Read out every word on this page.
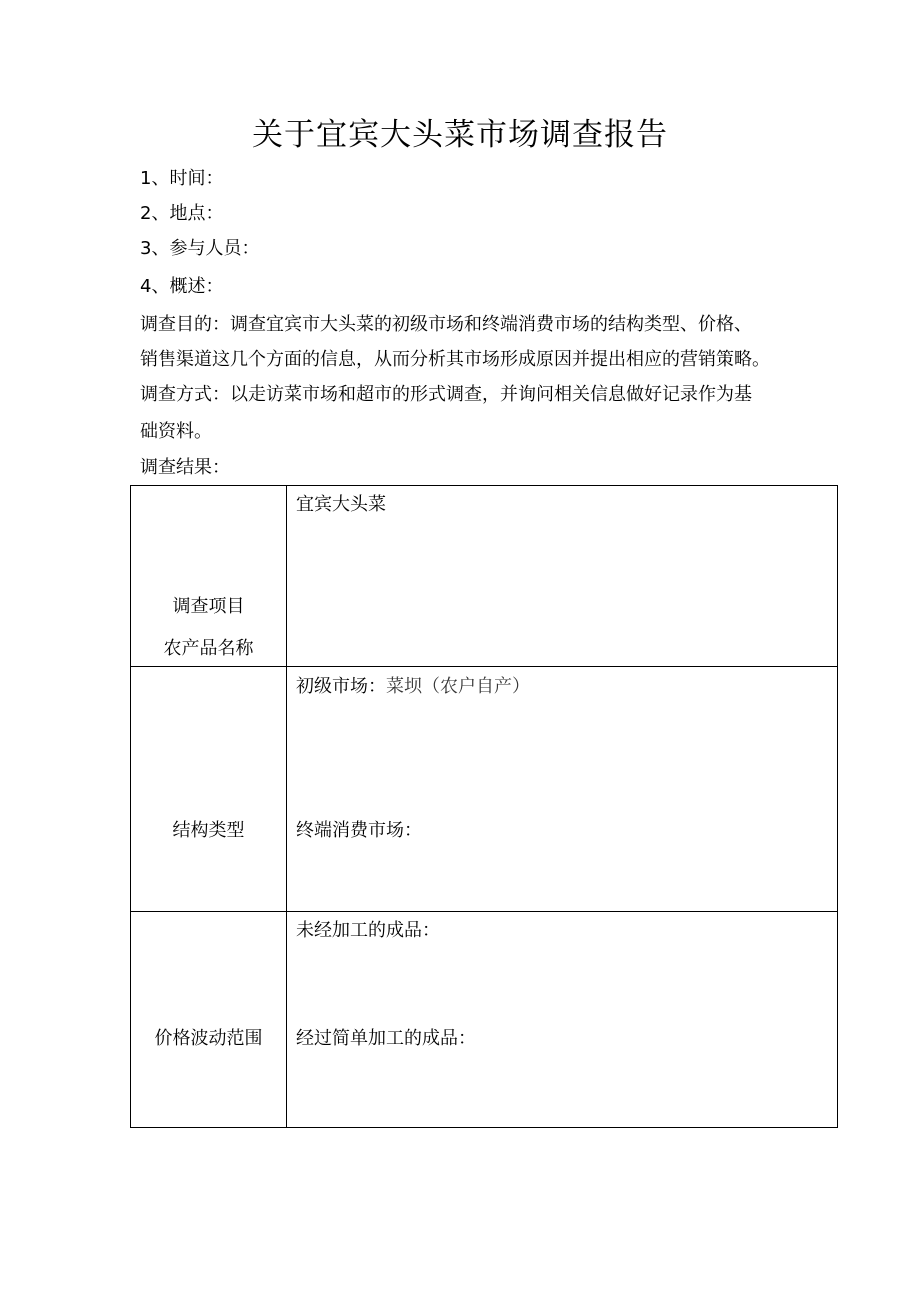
关于宜宾大头菜市场调查报告
1、时间：
2、地点：
3、参与人员：
4、概述：
调查目的：调查宜宾市大头菜的初级市场和终端消费市场的结构类型、价格、
销售渠道这几个方面的信息，从而分析其市场形成原因并提出相应的营销策略。
调查方式：以走访菜市场和超市的形式调查，并询问相关信息做好记录作为基
础资料。
调查结果：
调查项目
农产品名称
宜宾大头菜
结构类型
初级市场： 菜坝（农户自产）
终端消费市场：
价格波动范围
未经加工的成品：
经过简单加工的成品：
